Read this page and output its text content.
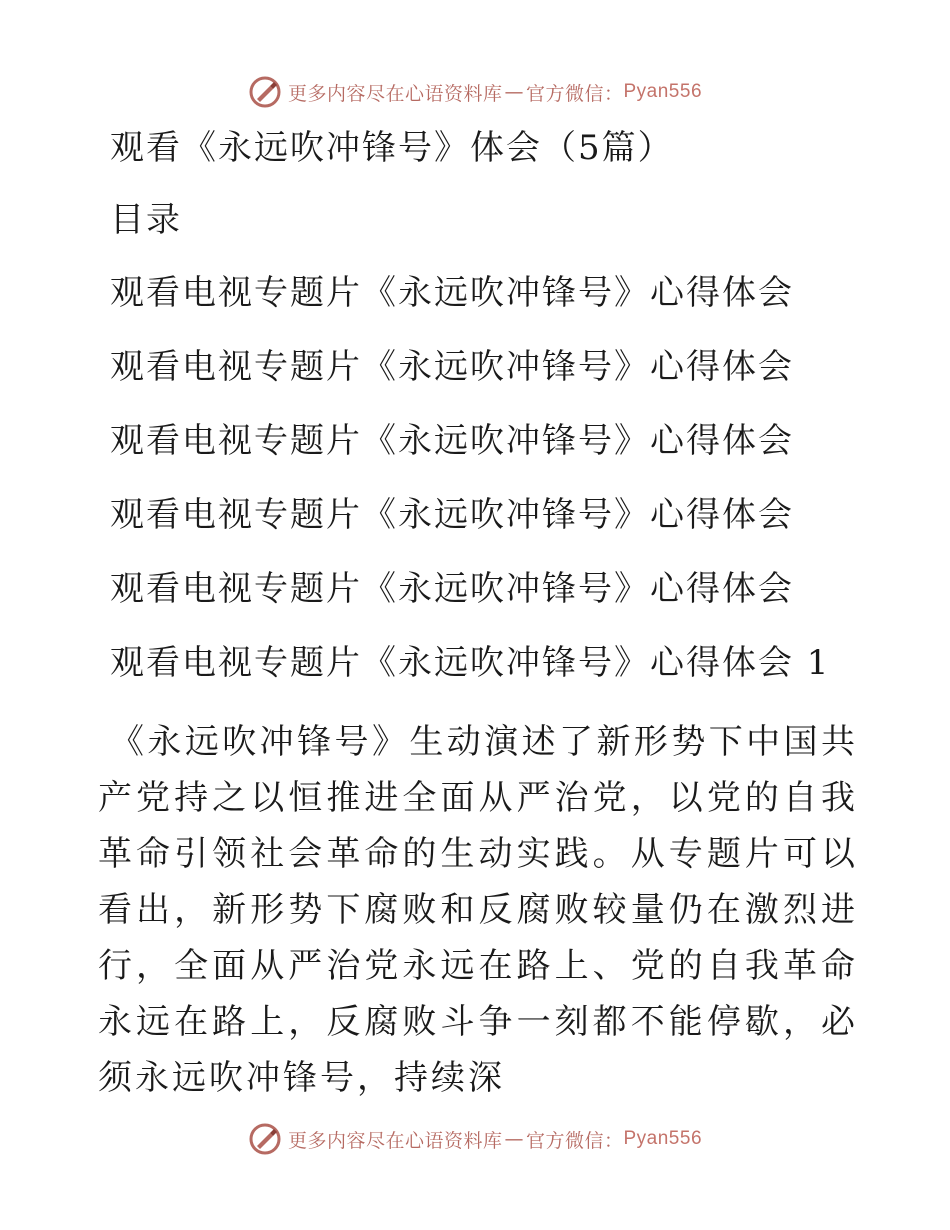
更多内容尽在心语资料库 — 官方微信： Pyan556
观看《永远吹冲锋号》体会（5篇）
目录
观看电视专题片《永远吹冲锋号》心得体会
观看电视专题片《永远吹冲锋号》心得体会
观看电视专题片《永远吹冲锋号》心得体会
观看电视专题片《永远吹冲锋号》心得体会
观看电视专题片《永远吹冲锋号》心得体会
观看电视专题片《永远吹冲锋号》心得体会 1

《永远吹冲锋号》生动演述了新形势下中国共产党持之以恒推进全面从严治党，以党的自我革命引领社会革命的生动实践。从专题片可以看出，新形势下腐败和反腐败较量仍在激烈进行，全面从严治党永远在路上、党的自我革命永远在路上，反腐败斗争一刻都不能停歇，必须永远吹冲锋号，持续深

更多内容尽在心语资料库 — 官方微信： Pyan556
